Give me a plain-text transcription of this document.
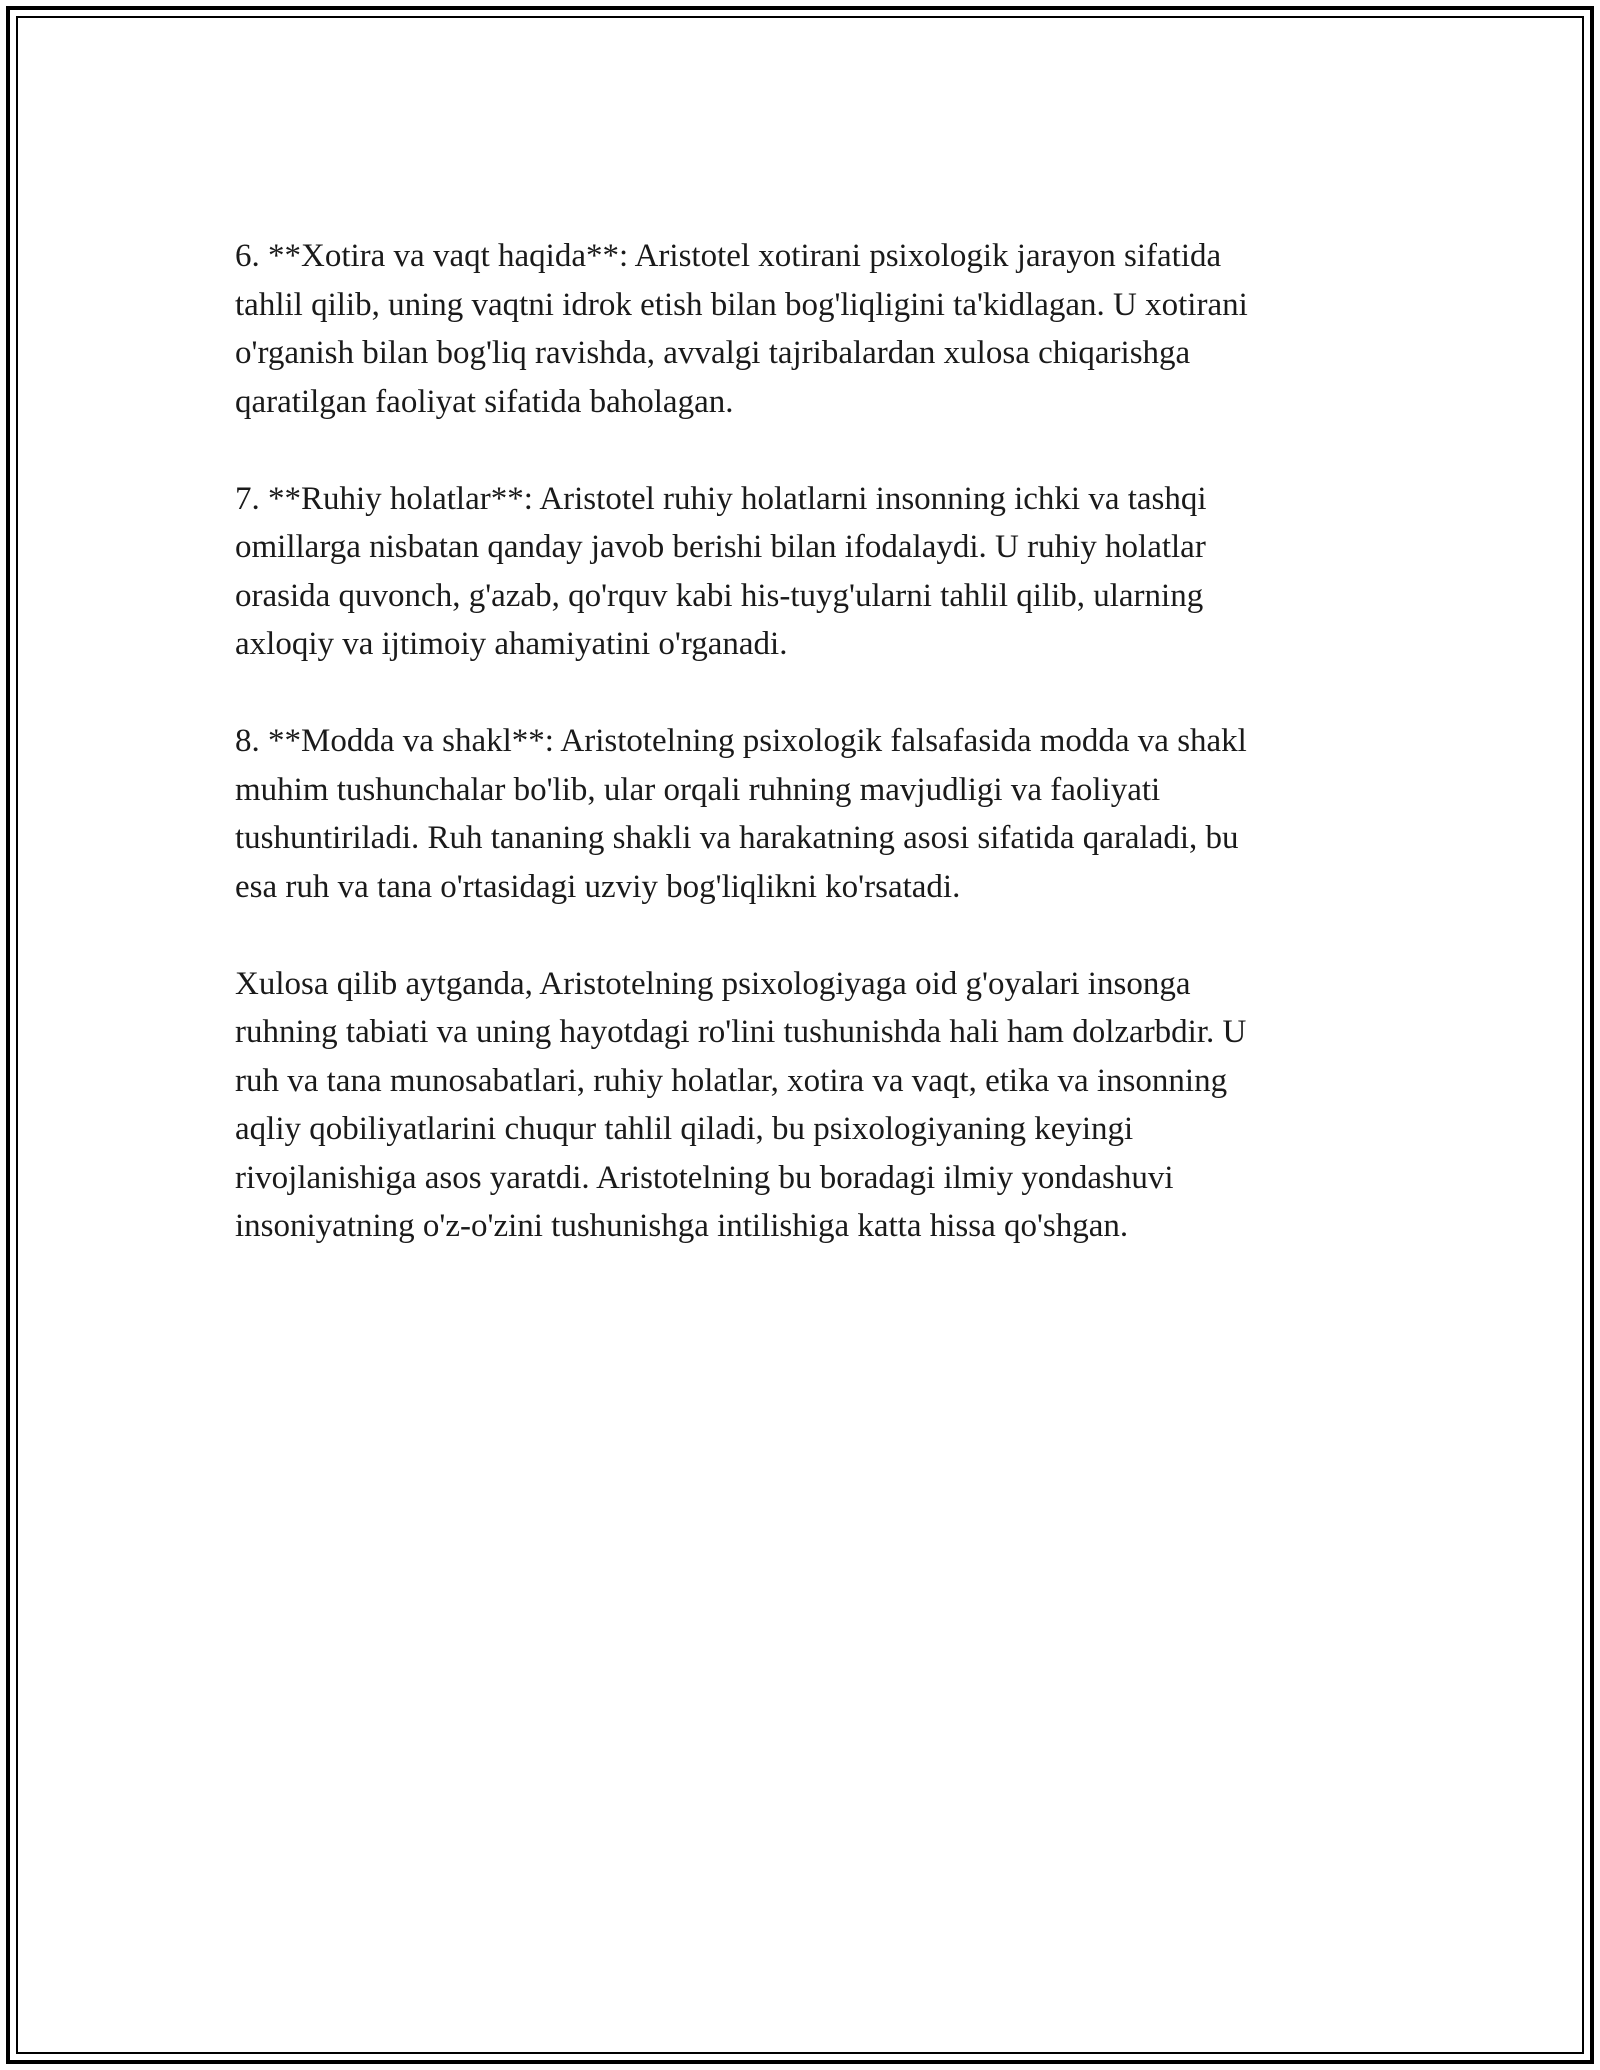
6. **Xotira va vaqt haqida**: Aristotel xotirani psixologik jarayon sifatida
tahlil qilib, uning vaqtni idrok etish bilan bog'liqligini ta'kidlagan. U xotirani
o'rganish bilan bog'liq ravishda, avvalgi tajribalardan xulosa chiqarishga
qaratilgan faoliyat sifatida baholagan.

7. **Ruhiy holatlar**: Aristotel ruhiy holatlarni insonning ichki va tashqi
omillarga nisbatan qanday javob berishi bilan ifodalaydi. U ruhiy holatlar
orasida quvonch, g'azab, qo'rquv kabi his-tuyg'ularni tahlil qilib, ularning
axloqiy va ijtimoiy ahamiyatini o'rganadi.

8. **Modda va shakl**: Aristotelning psixologik falsafasida modda va shakl
muhim tushunchalar bo'lib, ular orqali ruhning mavjudligi va faoliyati
tushuntiriladi. Ruh tananing shakli va harakatning asosi sifatida qaraladi, bu
esa ruh va tana o'rtasidagi uzviy bog'liqlikni ko'rsatadi.

Xulosa qilib aytganda, Aristotelning psixologiyaga oid g'oyalari insonga
ruhning tabiati va uning hayotdagi ro'lini tushunishda hali ham dolzarbdir. U
ruh va tana munosabatlari, ruhiy holatlar, xotira va vaqt, etika va insonning
aqliy qobiliyatlarini chuqur tahlil qiladi, bu psixologiyaning keyingi
rivojlanishiga asos yaratdi. Aristotelning bu boradagi ilmiy yondashuvi
insoniyatning o'z-o'zini tushunishga intilishiga katta hissa qo'shgan.
